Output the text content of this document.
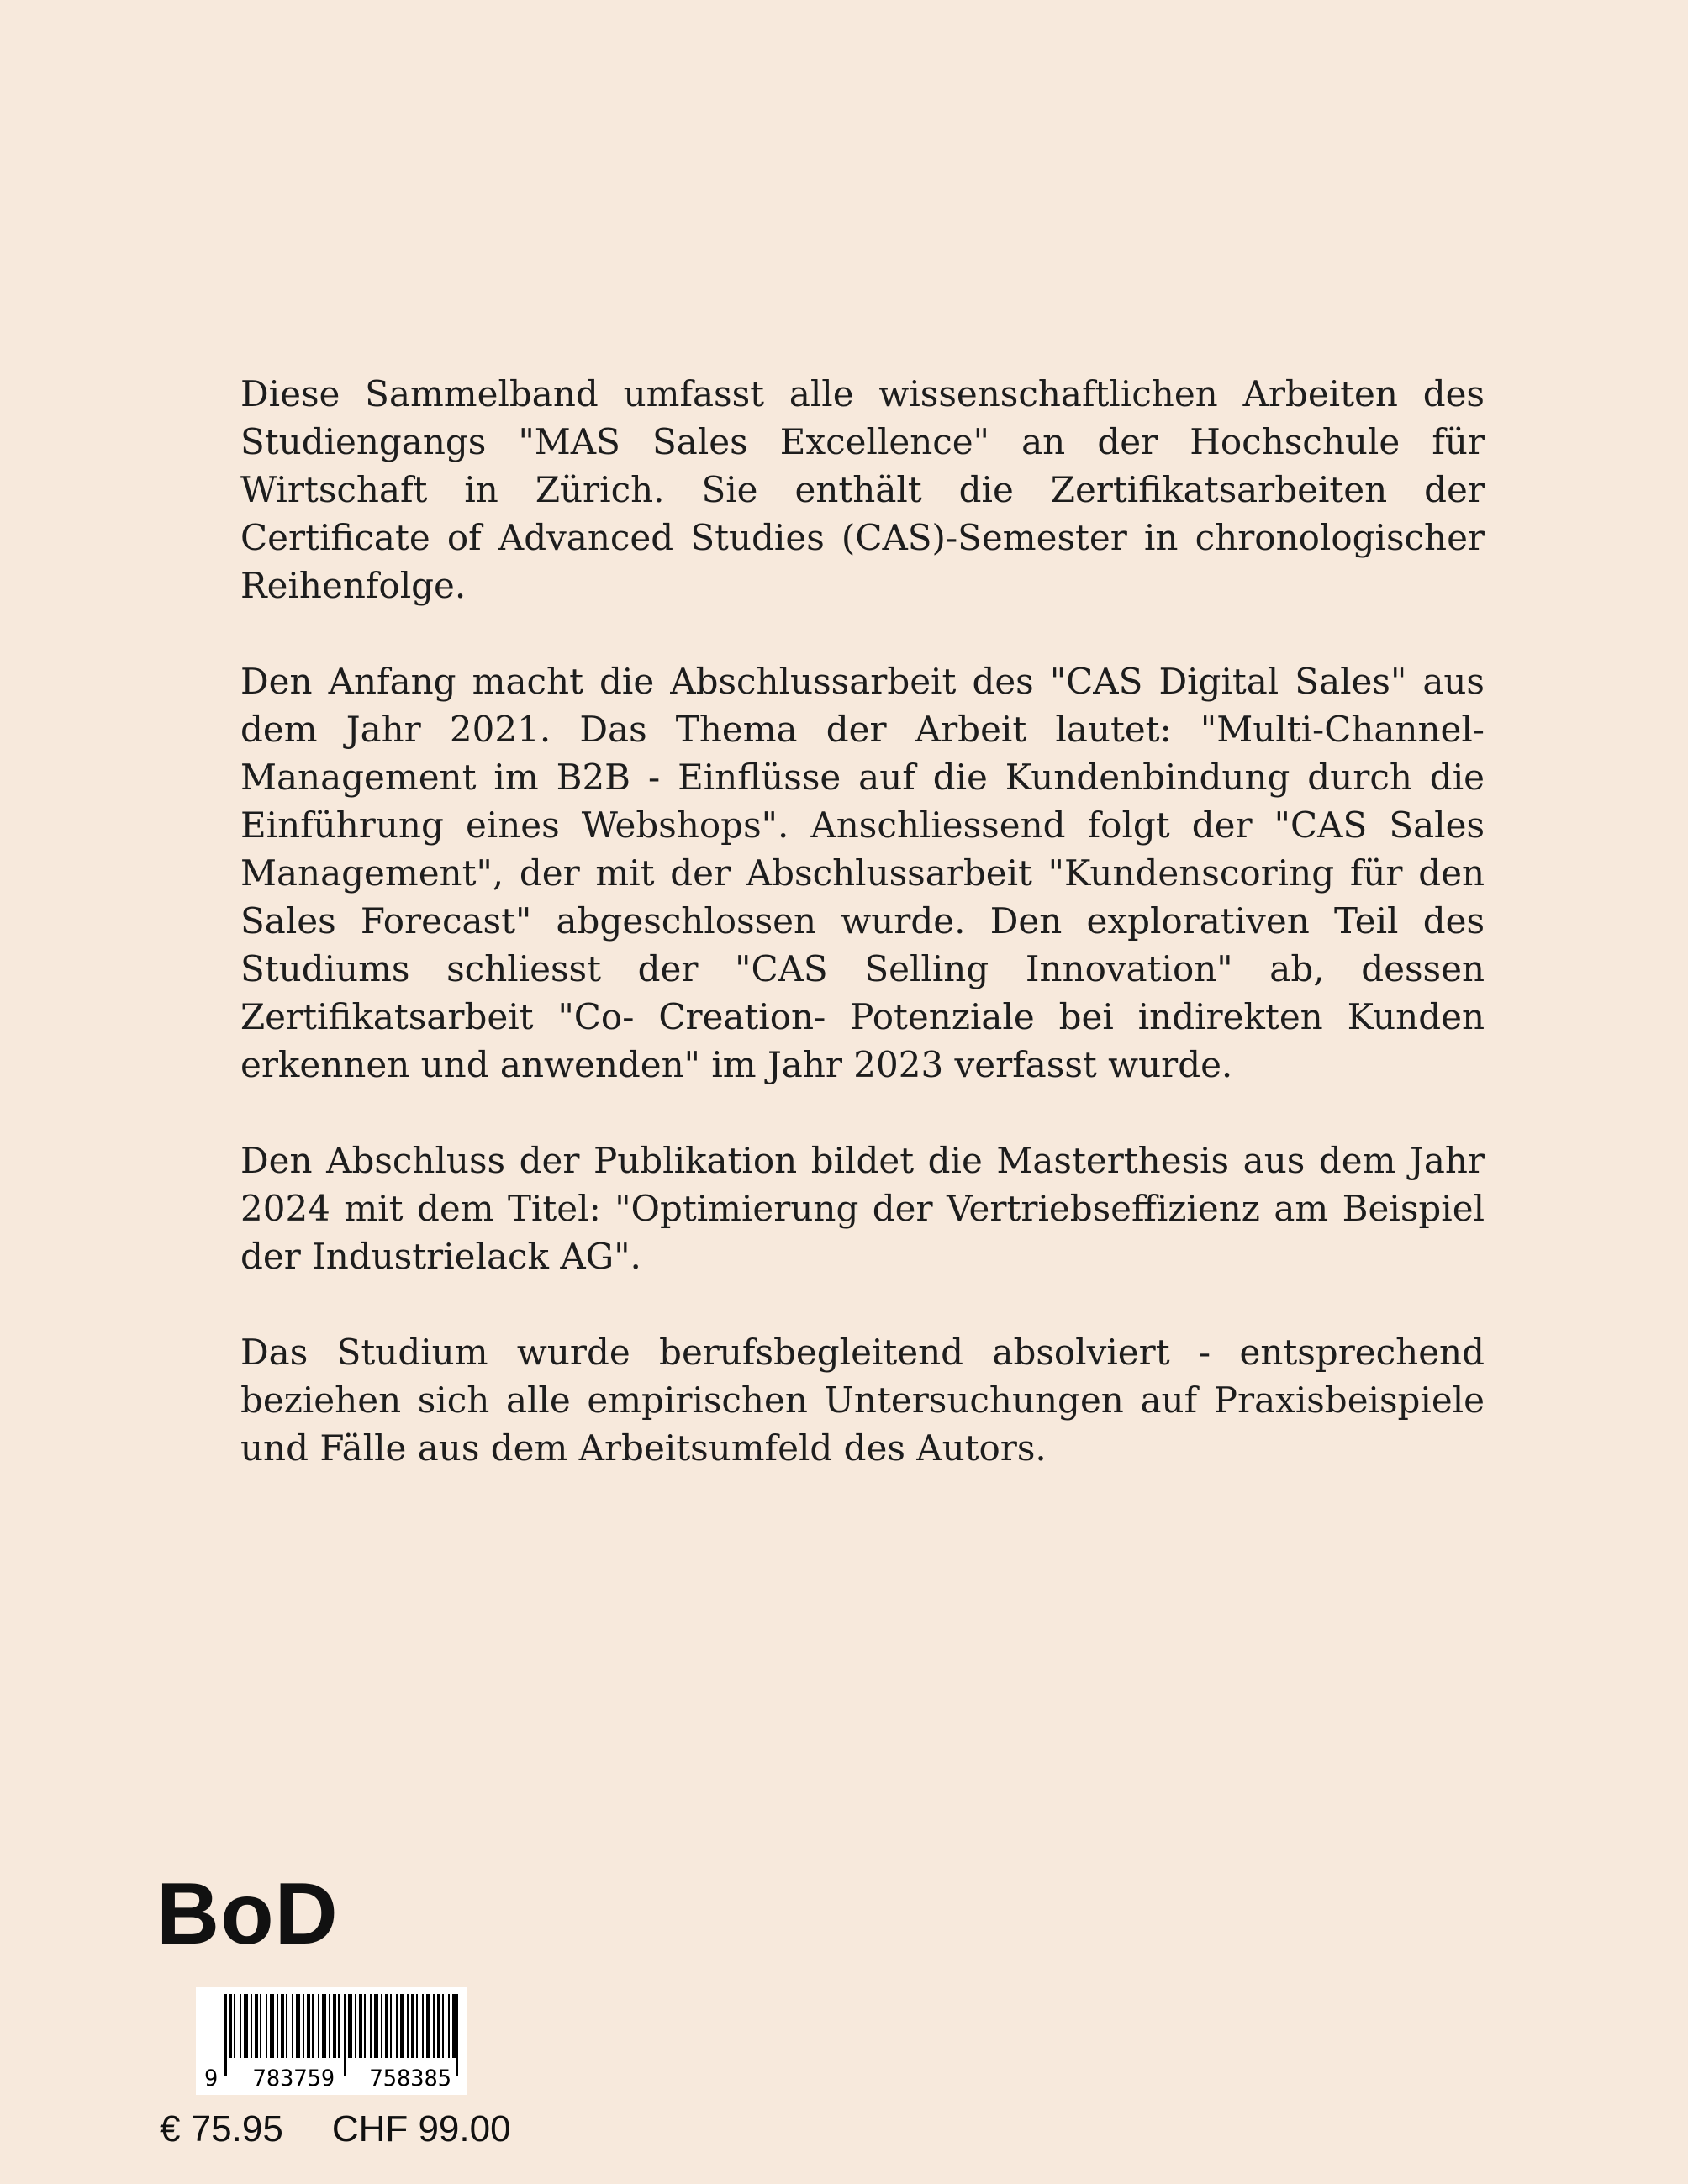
Diese Sammelband umfasst alle wissenschaftlichen Arbeiten des Studiengangs "MAS Sales Excellence" an der Hochschule für Wirtschaft in Zürich. Sie enthält die Zertifikatsarbeiten der Certificate of Advanced Studies (CAS)-Semester in chronologischer Reihenfolge.

Den Anfang macht die Abschlussarbeit des "CAS Digital Sales" aus dem Jahr 2021. Das Thema der Arbeit lautet: "Multi-Channel-Management im B2B - Einflüsse auf die Kundenbindung durch die Einführung eines Webshops". Anschliessend folgt der "CAS Sales Management", der mit der Abschlussarbeit "Kundenscoring für den Sales Forecast" abgeschlossen wurde. Den explorativen Teil des Studiums schliesst der "CAS Selling Innovation" ab, dessen Zertifikatsarbeit "Co- Creation- Potenziale bei indirekten Kunden erkennen und anwenden" im Jahr 2023 verfasst wurde.

Den Abschluss der Publikation bildet die Masterthesis aus dem Jahr 2024 mit dem Titel: "Optimierung der Vertriebseffizienz am Beispiel der Industrielack AG".

Das Studium wurde berufsbegleitend absolviert - entsprechend beziehen sich alle empirischen Untersuchungen auf Praxisbeispiele und Fälle aus dem Arbeitsumfeld des Autors.

BoD
9 783759 758385
€ 75.95 CHF 99.00
